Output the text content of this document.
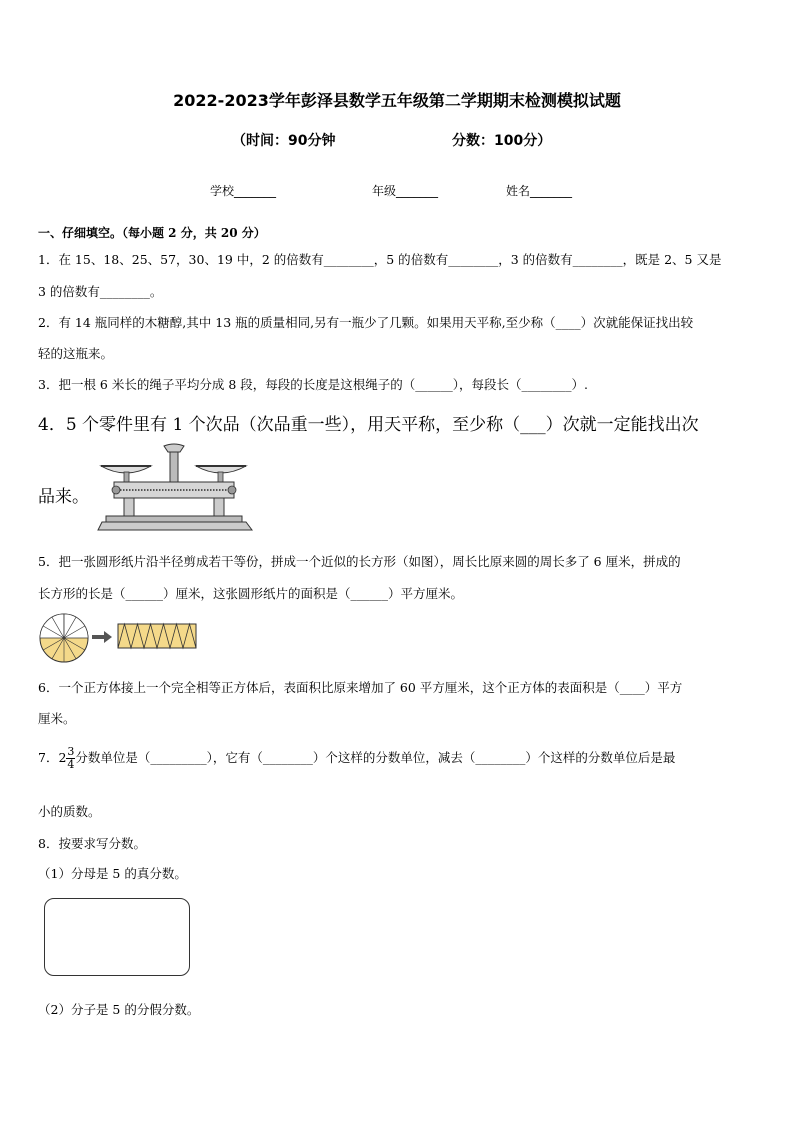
2022-2023学年彭泽县数学五年级第二学期期末检测模拟试题
（时间：90分钟	分数：100分）
学校_______	年级_______	姓名_______
一、仔细填空。（每小题 2 分，共 20 分）
1．在 15、18、25、57，30、19 中，2 的倍数有________，5 的倍数有________，3 的倍数有________，既是 2、5 又是
3 的倍数有________。
2．有 14 瓶同样的木糖醇,其中 13 瓶的质量相同,另有一瓶少了几颗。如果用天平称,至少称（____）次就能保证找出较
轻的这瓶来。
3．把一根 6 米长的绳子平均分成 8 段，每段的长度是这根绳子的（______），每段长（________）.
4．5 个零件里有 1 个次品（次品重一些），用天平称，至少称（___）次就一定能找出次
品来。
5．把一张圆形纸片沿半径剪成若干等份，拼成一个近似的长方形（如图），周长比原来圆的周长多了 6 厘米，拼成的
长方形的长是（______）厘米，这张圆形纸片的面积是（______）平方厘米。
6．一个正方体接上一个完全相等正方体后，表面积比原来增加了 60 平方厘米，这个正方体的表面积是（____）平方
厘米。
7．$2 \frac{3}{4}$ 分数单位是（_________），它有（________）个这样的分数单位，减去（________）个这样的分数单位后是最
小的质数。
8．按要求写分数。
（1）分母是 5 的真分数。
（2）分子是 5 的分假分数。
